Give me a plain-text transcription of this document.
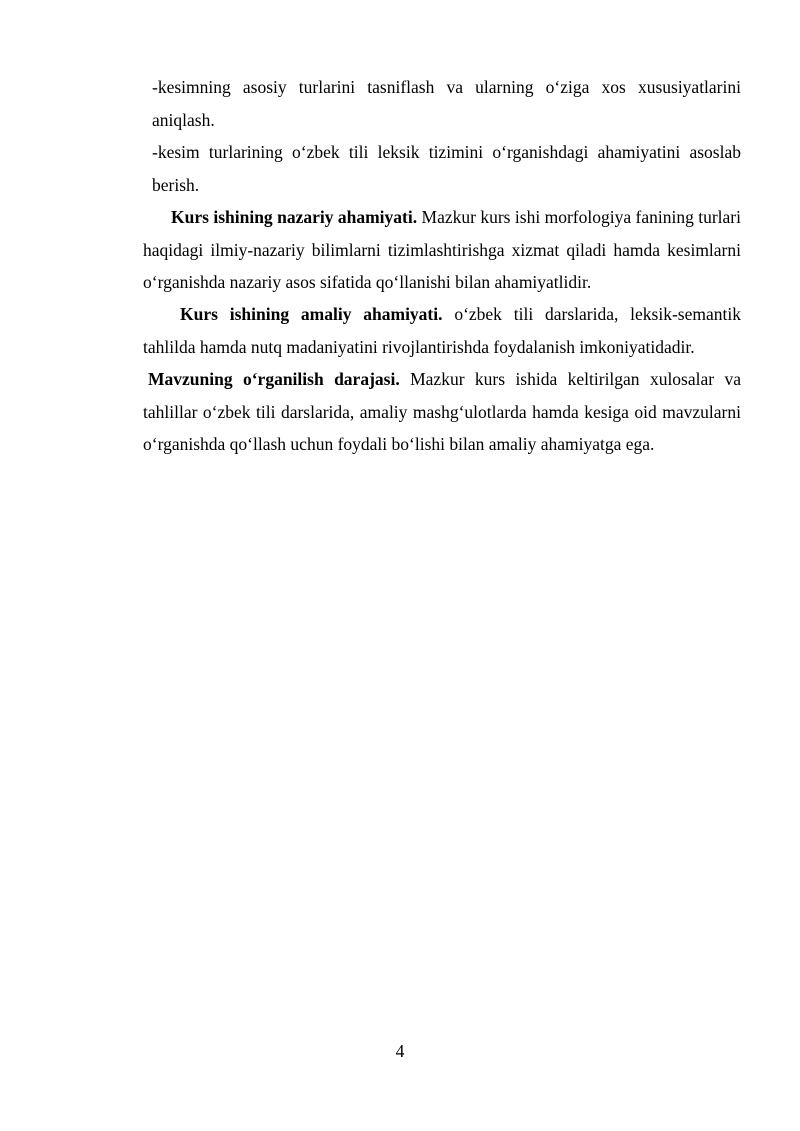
-kesimning asosiy turlarini tasniflash va ularning o‘ziga xos xususiyatlarini aniqlash.

-kesim turlarining o‘zbek tili leksik tizimini o‘rganishdagi ahamiyatini asoslab berish.

Kurs ishining nazariy ahamiyati. Mazkur kurs ishi morfologiya fanining turlari haqidagi ilmiy-nazariy bilimlarni tizimlashtirishga xizmat qiladi hamda kesimlarni o‘rganishda nazariy asos sifatida qo‘llanishi bilan ahamiyatlidir.

Kurs ishining amaliy ahamiyati. o‘zbek tili darslarida, leksik-semantik tahlilda hamda nutq madaniyatini rivojlantirishda foydalanish imkoniyatidadir.

Mavzuning o‘rganilish darajasi. Mazkur kurs ishida keltirilgan xulosalar va tahlillar o‘zbek tili darslarida, amaliy mashg‘ulotlarda hamda kesiga oid mavzularni o‘rganishda qo‘llash uchun foydali bo‘lishi bilan amaliy ahamiyatga ega.

4
